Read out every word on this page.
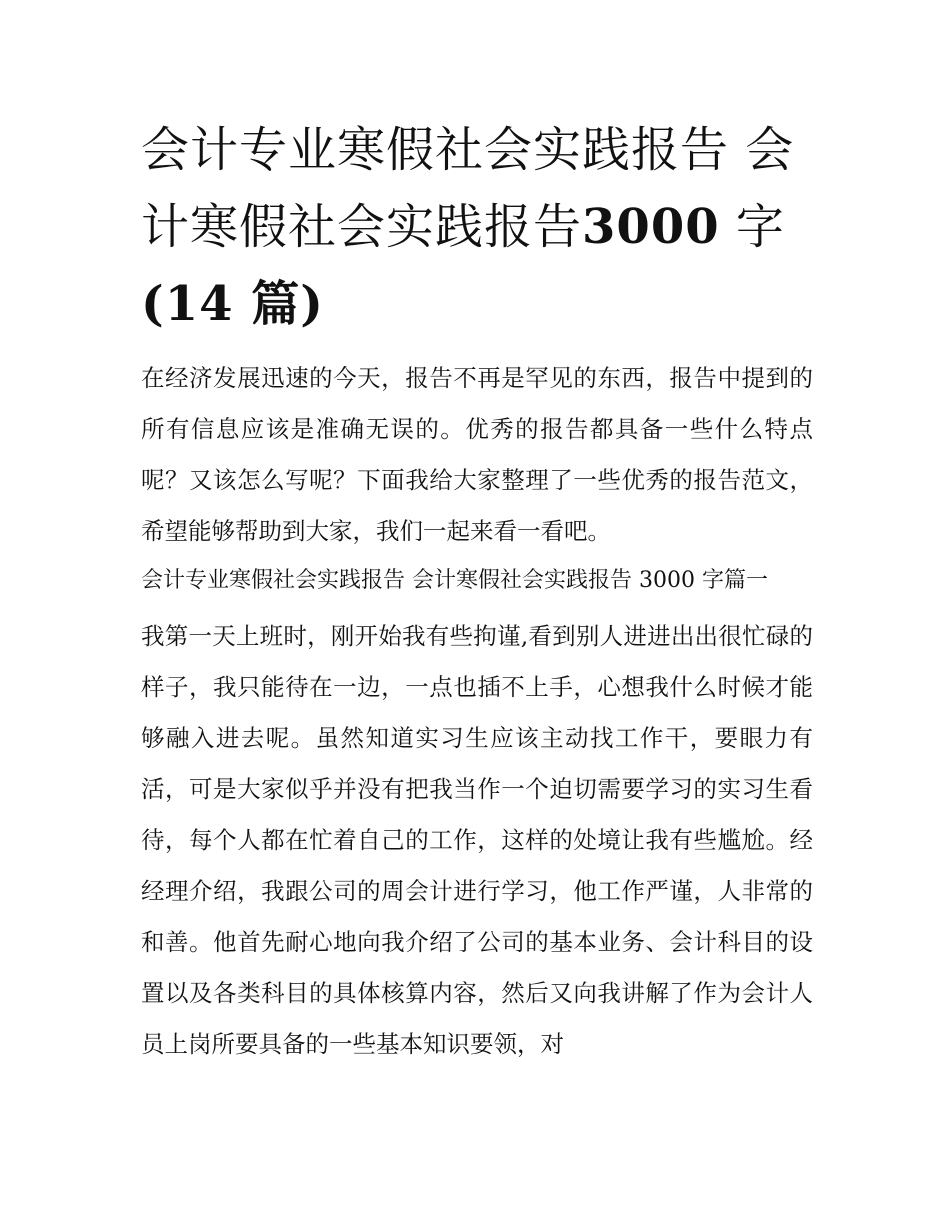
会计专业寒假社会实践报告 会计寒假社会实践报告3000 字
(14 篇)

在经济发展迅速的今天，报告不再是罕见的东西，报告中提到的所有信息应该是准确无误的。优秀的报告都具备一些什么特点呢？又该怎么写呢？下面我给大家整理了一些优秀的报告范文，希望能够帮助到大家，我们一起来看一看吧。

会计专业寒假社会实践报告 会计寒假社会实践报告 3000 字篇一

我第一天上班时，刚开始我有些拘谨,看到别人进进出出很忙碌的样子，我只能待在一边，一点也插不上手，心想我什么时候才能够融入进去呢。虽然知道实习生应该主动找工作干，要眼力有活，可是大家似乎并没有把我当作一个迫切需要学习的实习生看待，每个人都在忙着自己的工作，这样的处境让我有些尴尬。经经理介绍，我跟公司的周会计进行学习，他工作严谨，人非常的和善。他首先耐心地向我介绍了公司的基本业务、会计科目的设置以及各类科目的具体核算内容，然后又向我讲解了作为会计人员上岗所要具备的一些基本知识要领，对
